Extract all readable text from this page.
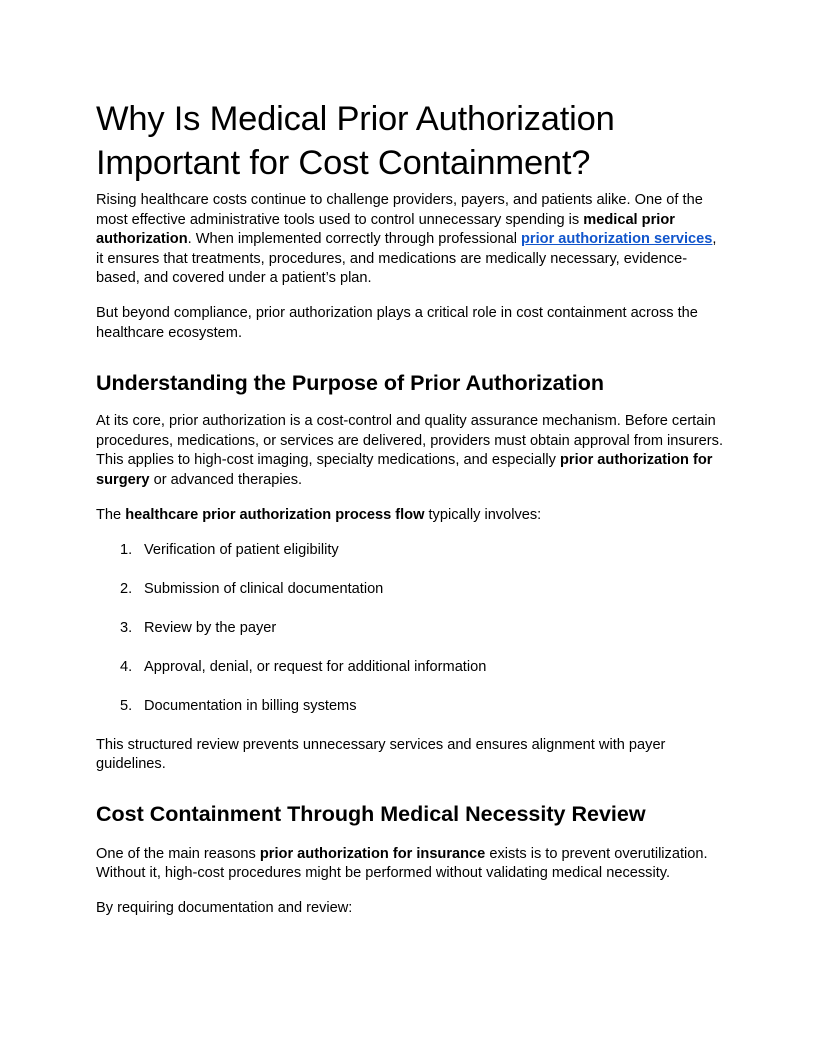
Why Is Medical Prior Authorization Important for Cost Containment?

Rising healthcare costs continue to challenge providers, payers, and patients alike. One of the most effective administrative tools used to control unnecessary spending is medical prior authorization. When implemented correctly through professional prior authorization services, it ensures that treatments, procedures, and medications are medically necessary, evidence-based, and covered under a patient’s plan.

But beyond compliance, prior authorization plays a critical role in cost containment across the healthcare ecosystem.

Understanding the Purpose of Prior Authorization

At its core, prior authorization is a cost-control and quality assurance mechanism. Before certain procedures, medications, or services are delivered, providers must obtain approval from insurers. This applies to high-cost imaging, specialty medications, and especially prior authorization for surgery or advanced therapies.

The healthcare prior authorization process flow typically involves:

1. Verification of patient eligibility
2. Submission of clinical documentation
3. Review by the payer
4. Approval, denial, or request for additional information
5. Documentation in billing systems

This structured review prevents unnecessary services and ensures alignment with payer guidelines.

Cost Containment Through Medical Necessity Review

One of the main reasons prior authorization for insurance exists is to prevent overutilization. Without it, high-cost procedures might be performed without validating medical necessity.

By requiring documentation and review:
